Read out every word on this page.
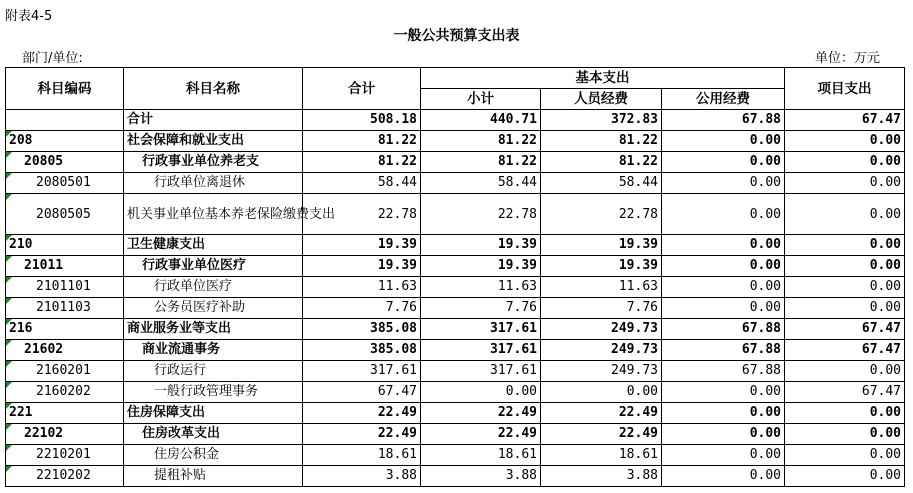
附表4-5
一般公共预算支出表
部门/单位:	单位：万元
科目编码	科目名称	合计	基本支出			项目支出
			小计	人员经费	公用经费	
	合计	508.18	440.71	372.83	67.88	67.47
208	社会保障和就业支出	81.22	81.22	81.22	0.00	0.00
20805	行政事业单位养老支	81.22	81.22	81.22	0.00	0.00
2080501	行政单位离退休	58.44	58.44	58.44	0.00	0.00
2080505	机关事业单位基本养老保险缴费支出	22.78	22.78	22.78	0.00	0.00
210	卫生健康支出	19.39	19.39	19.39	0.00	0.00
21011	行政事业单位医疗	19.39	19.39	19.39	0.00	0.00
2101101	行政单位医疗	11.63	11.63	11.63	0.00	0.00
2101103	公务员医疗补助	7.76	7.76	7.76	0.00	0.00
216	商业服务业等支出	385.08	317.61	249.73	67.88	67.47
21602	商业流通事务	385.08	317.61	249.73	67.88	67.47
2160201	行政运行	317.61	317.61	249.73	67.88	0.00
2160202	一般行政管理事务	67.47	0.00	0.00	0.00	67.47
221	住房保障支出	22.49	22.49	22.49	0.00	0.00
22102	住房改革支出	22.49	22.49	22.49	0.00	0.00
2210201	住房公积金	18.61	18.61	18.61	0.00	0.00
2210202	提租补贴	3.88	3.88	3.88	0.00	0.00
